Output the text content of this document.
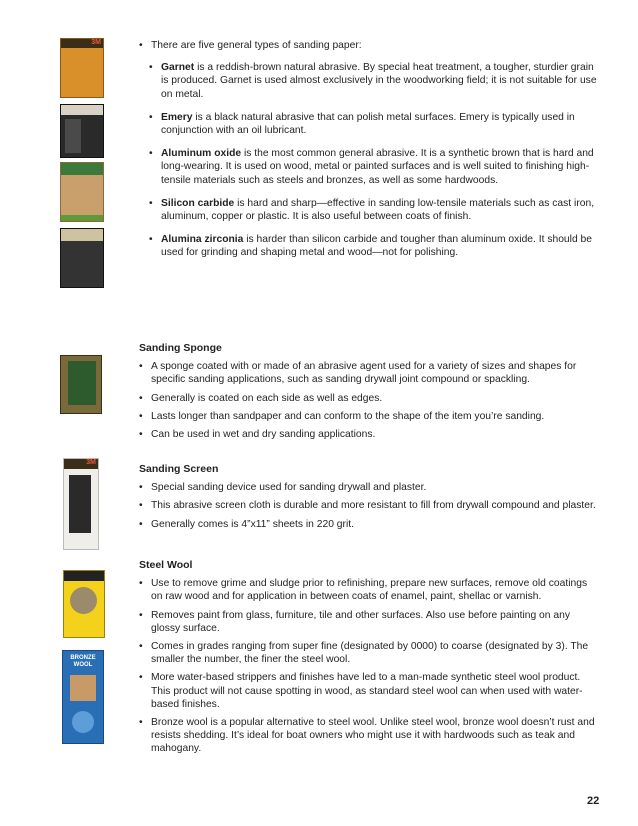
3M
3M
BRONZE WOOL
• There are five general types of sanding paper:
• Garnet is a reddish-brown natural abrasive. By special heat treatment, a tougher, sturdier grain is produced. Garnet is used almost exclusively in the woodworking field; it is not suitable for use on metal.
• Emery is a black natural abrasive that can polish metal surfaces. Emery is typically used in conjunction with an oil lubricant.
• Aluminum oxide is the most common general abrasive. It is a synthetic brown that is hard and long-wearing. It is used on wood, metal or painted surfaces and is well suited to finishing high-tensile materials such as steels and bronzes, as well as some hardwoods.
• Silicon carbide is hard and sharp—effective in sanding low-tensile materials such as cast iron, aluminum, copper or plastic. It is also useful between coats of finish.
• Alumina zirconia is harder than silicon carbide and tougher than aluminum oxide. It should be used for grinding and shaping metal and wood—not for polishing.
Sanding Sponge
• A sponge coated with or made of an abrasive agent used for a variety of sizes and shapes for specific sanding applications, such as sanding drywall joint compound or spackling.
• Generally is coated on each side as well as edges.
• Lasts longer than sandpaper and can conform to the shape of the item you’re sanding.
• Can be used in wet and dry sanding applications.
Sanding Screen
• Special sanding device used for sanding drywall and plaster.
• This abrasive screen cloth is durable and more resistant to fill from drywall compound and plaster.
• Generally comes is 4”x11” sheets in 220 grit.
Steel Wool
• Use to remove grime and sludge prior to refinishing, prepare new surfaces, remove old coatings on raw wood and for application in between coats of enamel, paint, shellac or varnish.
• Removes paint from glass, furniture, tile and other surfaces. Also use before painting on any glossy surface.
• Comes in grades ranging from super fine (designated by 0000) to coarse (designated by 3). The smaller the number, the finer the steel wool.
• More water-based strippers and finishes have led to a man-made synthetic steel wool product. This product will not cause spotting in wood, as standard steel wool can when used with water-based finishes.
• Bronze wool is a popular alternative to steel wool. Unlike steel wool, bronze wool doesn’t rust and resists shedding. It’s ideal for boat owners who might use it with hardwoods such as teak and mahogany.
22
